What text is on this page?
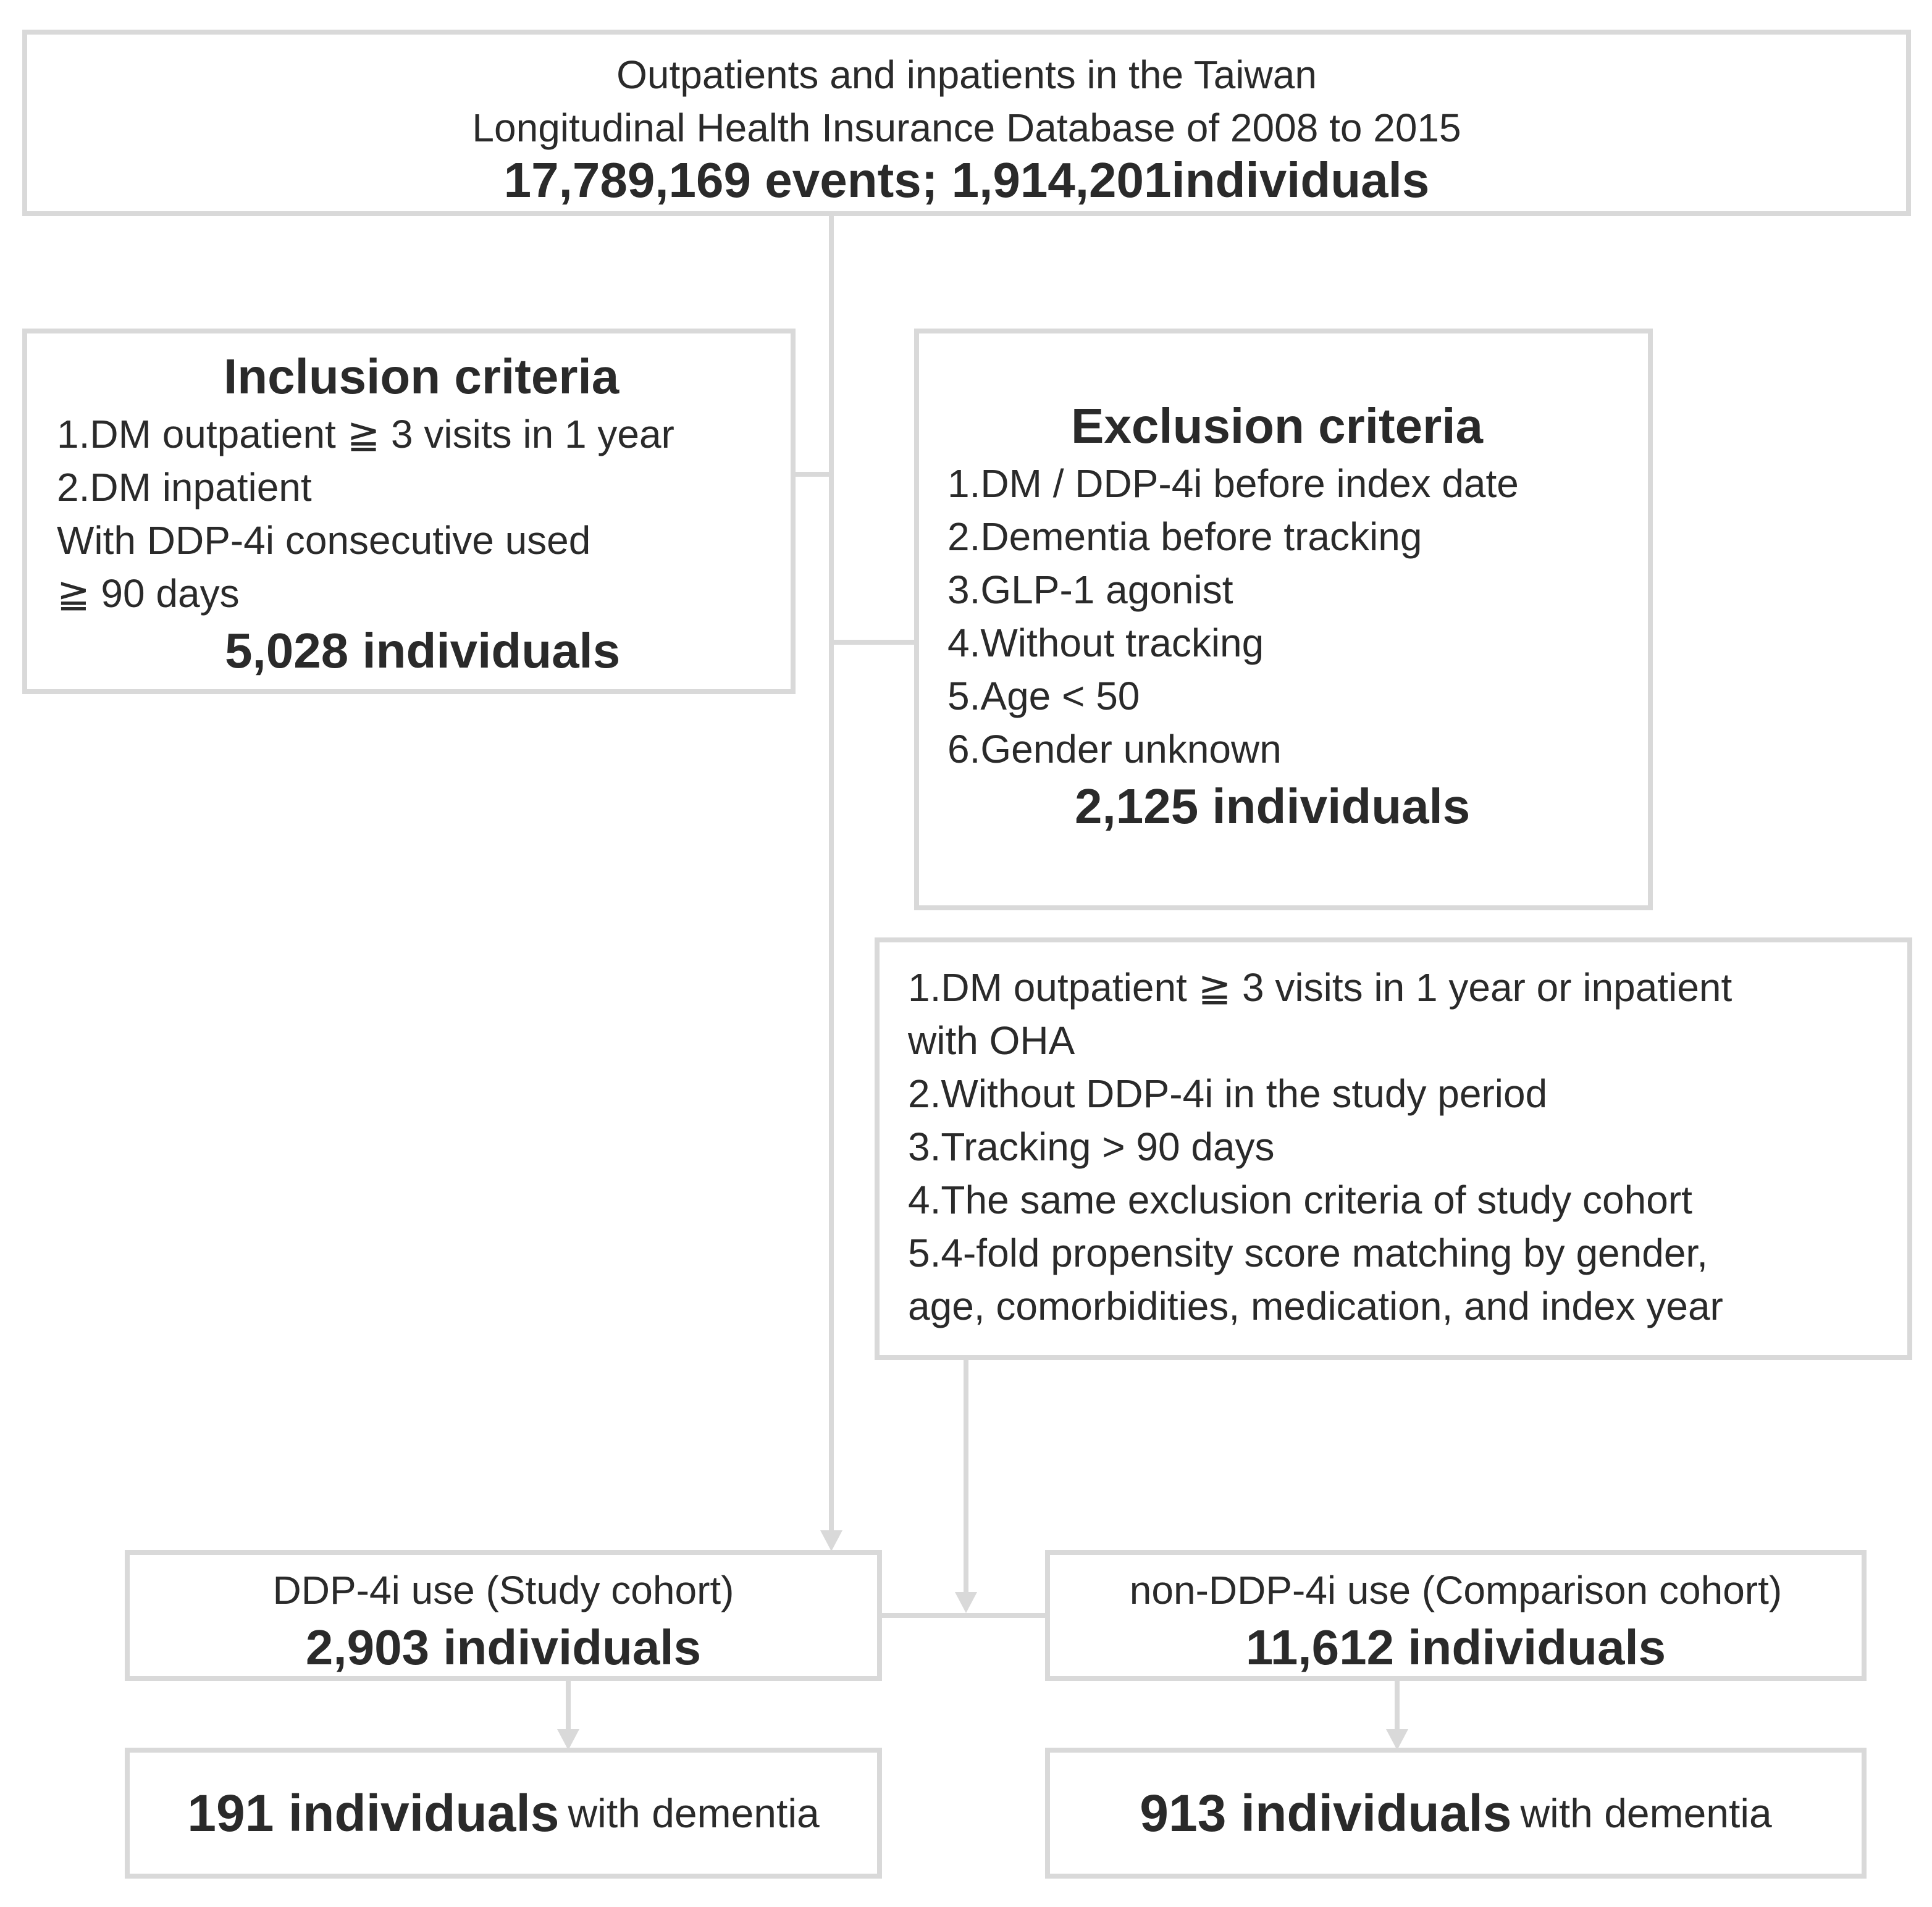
Outpatients and inpatients in the Taiwan
Longitudinal Health Insurance Database of 2008 to 2015
17,789,169 events; 1,914,201individuals
Inclusion criteria
1.DM outpatient ≧ 3 visits in 1 year
2.DM inpatient
With DDP-4i consecutive used
≧ 90 days
5,028 individuals
Exclusion criteria
1.DM / DDP-4i before index date
2.Dementia before tracking
3.GLP-1 agonist
4.Without tracking
5.Age < 50
6.Gender unknown
2,125 individuals
1.DM outpatient ≧ 3 visits in 1 year or inpatient
with OHA
2.Without DDP-4i in the study period
3.Tracking > 90 days
4.The same exclusion criteria of study cohort
5.4-fold propensity score matching by gender,
age, comorbidities, medication, and index year
DDP-4i use (Study cohort)
2,903 individuals
non-DDP-4i use (Comparison cohort)
11,612 individuals
191 individuals with dementia	913 individuals with dementia
